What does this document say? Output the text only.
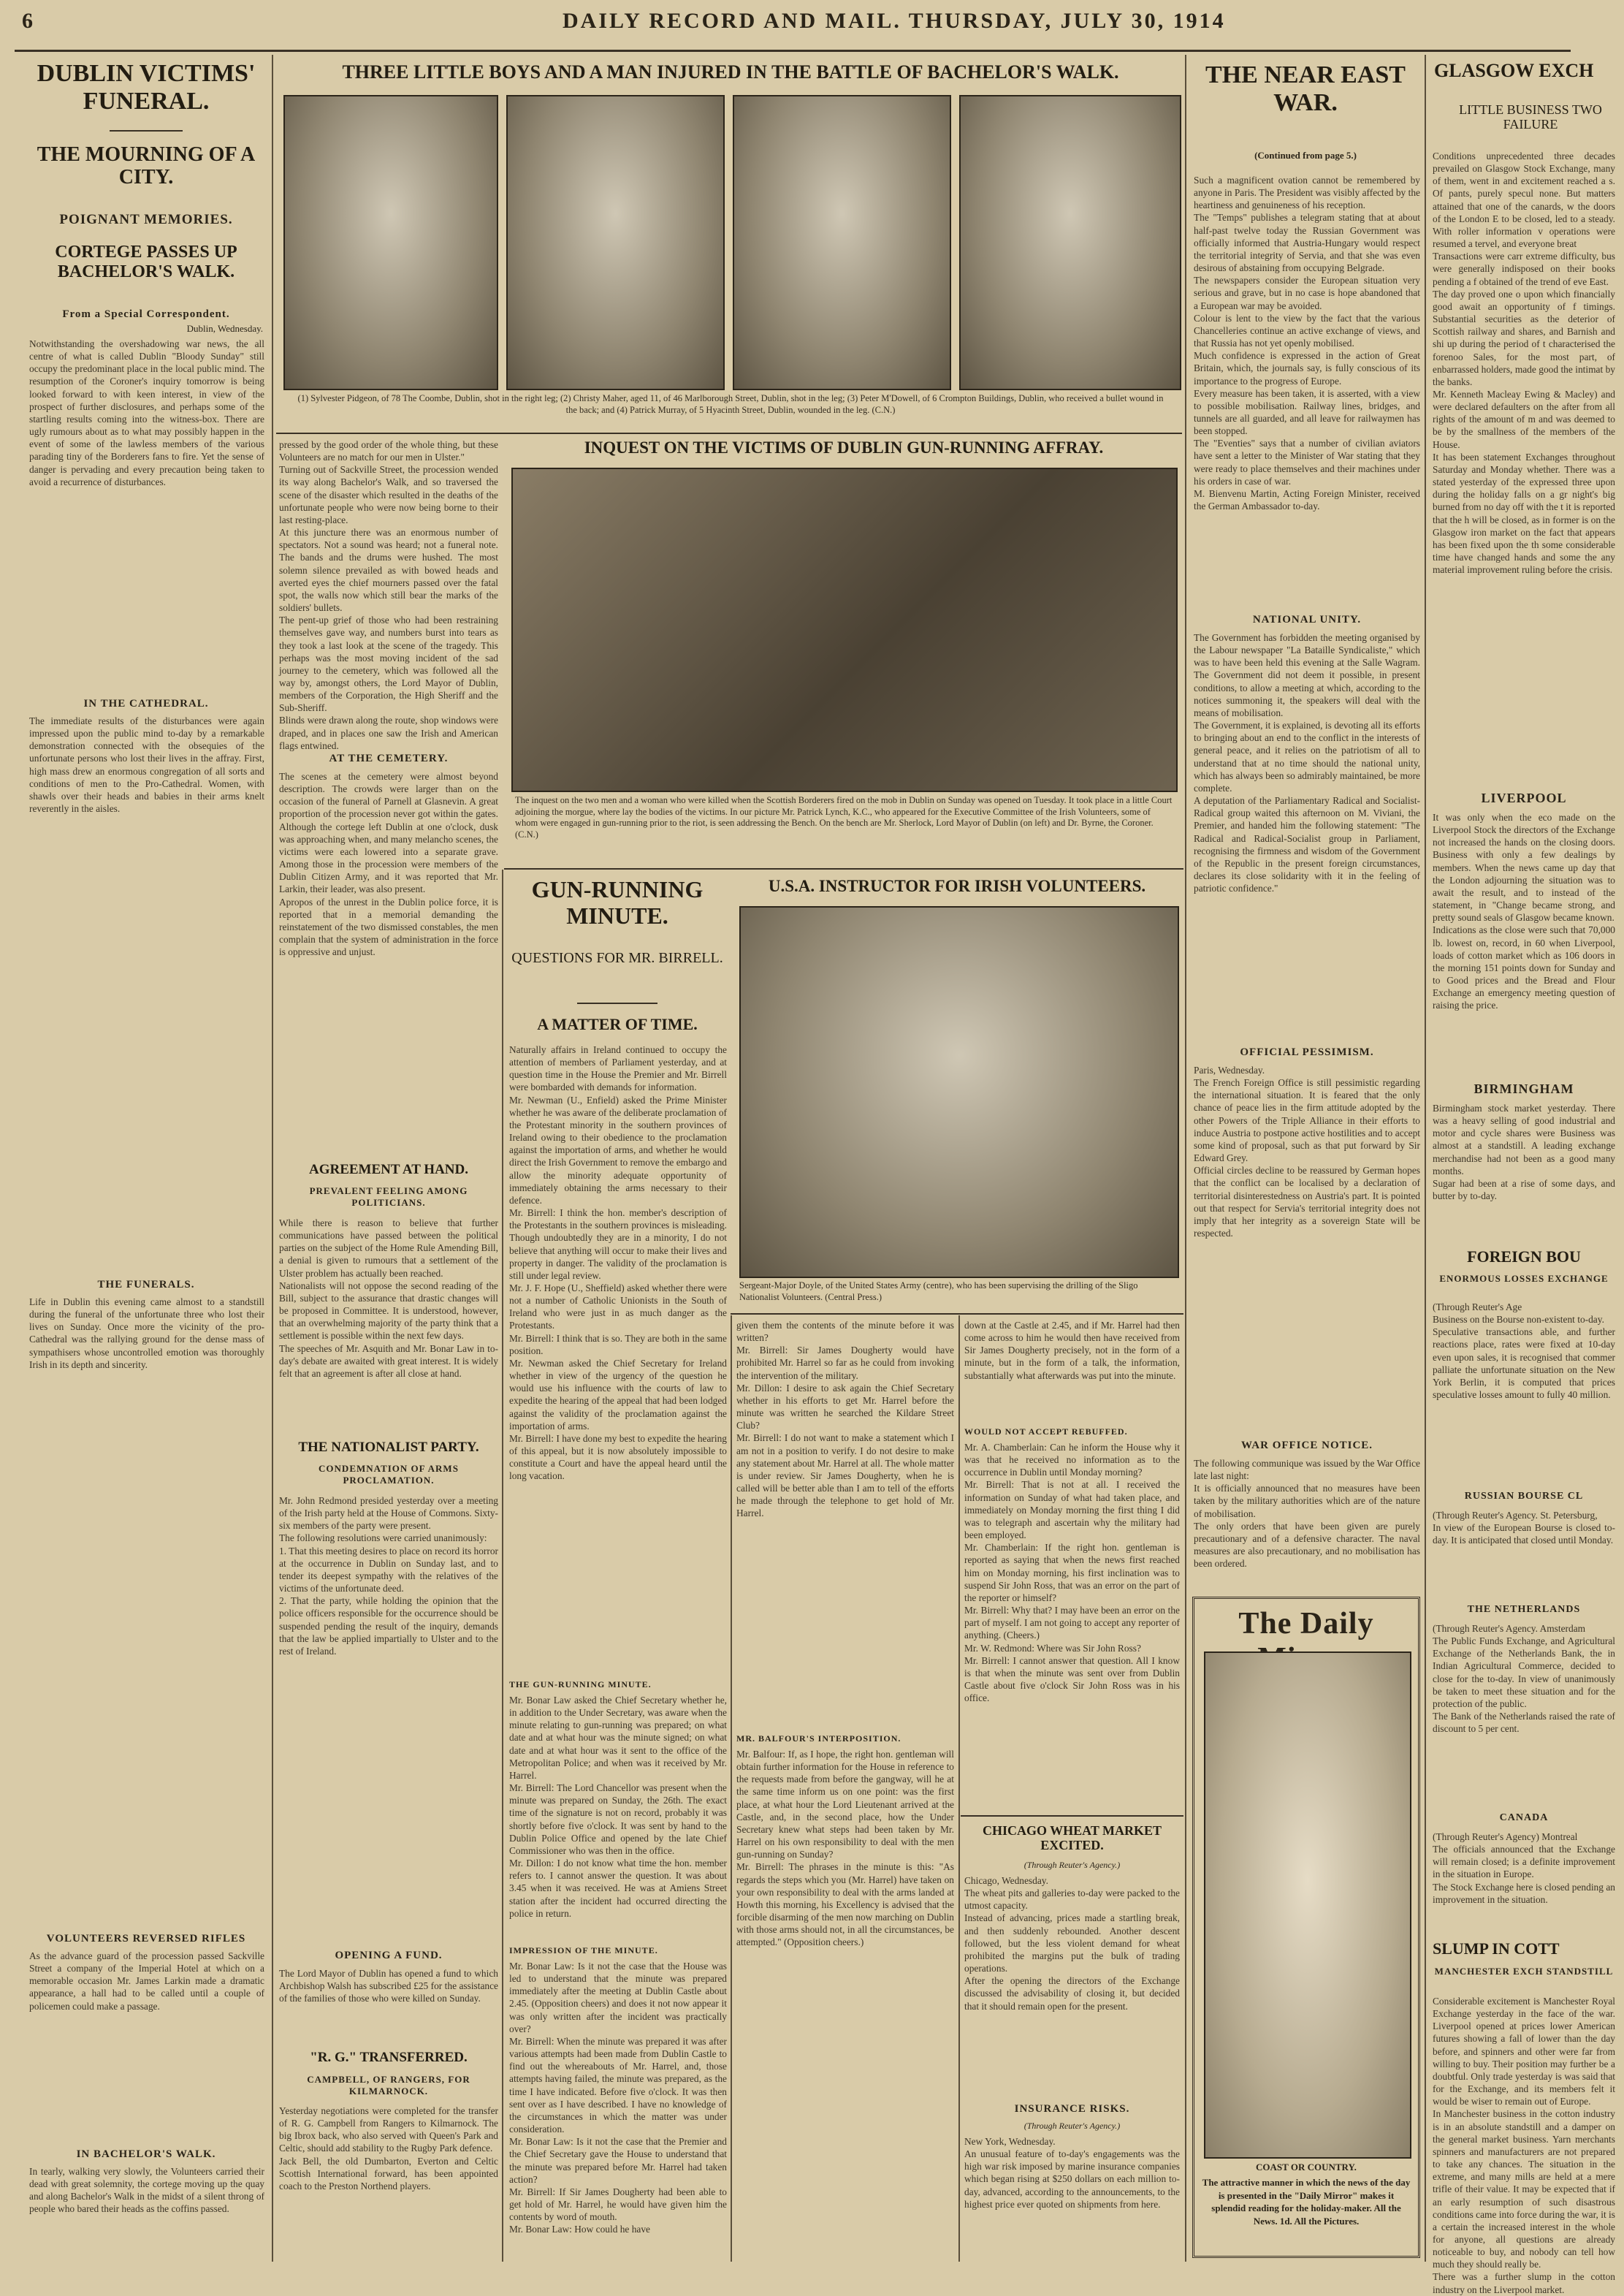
6	DAILY RECORD AND MAIL. THURSDAY, JULY 30, 1914
DUBLIN VICTIMS' FUNERAL.
THE MOURNING OF A CITY.
POIGNANT MEMORIES.
CORTEGE PASSES UP BACHELOR'S WALK.
From a Special Correspondent.
Dublin, Wednesday.
Notwithstanding the overshadowing war news, the all centre of what is called Dublin "Bloody Sunday" still occupy the predominant place in the local public mind. The resumption of the Coroner's inquiry tomorrow is being looked forward to with keen interest, in view of the prospect of further disclosures, and perhaps some of the startling results coming into the witness-box. There are ugly rumours about as to what may possibly happen in the event of some of the lawless members of the various parading tiny of the Borderers fans to fire. Yet the sense of danger is pervading and every precaution being taken to avoid a recurrence of disturbances.
IN THE CATHEDRAL.
The immediate results of the disturbances were again impressed upon the public mind to-day by a remarkable demonstration connected with the obsequies of the unfortunate persons who lost their lives in the affray. First, high mass drew an enormous congregation of all sorts and conditions of men to the Pro-Cathedral. Women, with shawls over their heads and babies in their arms knelt reverently in the aisles.
THE FUNERALS.
Life in Dublin this evening came almost to a standstill during the funeral of the unfortunate three who lost their lives on Sunday. Once more the vicinity of the pro-Cathedral was the rallying ground for the dense mass of sympathisers whose uncontrolled emotion was thoroughly Irish in its depth and sincerity.
VOLUNTEERS REVERSED RIFLES
As the advance guard of the procession passed Sackville Street a company of the Imperial Hotel at which on a memorable occasion Mr. James Larkin made a dramatic appearance, a hall had to be called until a couple of policemen could make a passage.
IN BACHELOR'S WALK.
In tearly, walking very slowly, the Volunteers carried their dead with great solemnity, the cortege moving up the quay and along Bachelor's Walk in the midst of a silent throng of people who bared their heads as the coffins passed.
THREE LITTLE BOYS AND A MAN INJURED IN THE BATTLE OF BACHELOR'S WALK.
(1) Sylvester Pidgeon, of 78 The Coombe, Dublin, shot in the right leg; (2) Christy Maher, aged 11, of 46 Marlborough Street, Dublin, shot in the leg; (3) Peter M'Dowell, of 6 Crompton Buildings, Dublin, who received a bullet wound in the back; and (4) Patrick Murray, of 5 Hyacinth Street, Dublin, wounded in the leg. (C.N.)
pressed by the good order of the whole thing, but these Volunteers are no match for our men in Ulster."
Turning out of Sackville Street, the procession wended its way along Bachelor's Walk, and so traversed the scene of the disaster which resulted in the deaths of the unfortunate people who were now being borne to their last resting-place.
At this juncture there was an enormous number of spectators. Not a sound was heard; not a funeral note. The bands and the drums were hushed. The most solemn silence prevailed as with bowed heads and averted eyes the chief mourners passed over the fatal spot, the walls now which still bear the marks of the soldiers' bullets.
The pent-up grief of those who had been restraining themselves gave way, and numbers burst into tears as they took a last look at the scene of the tragedy. This perhaps was the most moving incident of the sad journey to the cemetery, which was followed all the way by, amongst others, the Lord Mayor of Dublin, members of the Corporation, the High Sheriff and the Sub-Sheriff.
Blinds were drawn along the route, shop windows were draped, and in places one saw the Irish and American flags entwined.
AT THE CEMETERY.
The scenes at the cemetery were almost beyond description. The crowds were larger than on the occasion of the funeral of Parnell at Glasnevin. A great proportion of the procession never got within the gates. Although the cortege left Dublin at one o'clock, dusk was approaching when, and many melancho scenes, the victims were each lowered into a separate grave. Among those in the procession were members of the Dublin Citizen Army, and it was reported that Mr. Larkin, their leader, was also present.
Apropos of the unrest in the Dublin police force, it is reported that in a memorial demanding the reinstatement of the two dismissed constables, the men complain that the system of administration in the force is oppressive and unjust.
AGREEMENT AT HAND.
PREVALENT FEELING AMONG POLITICIANS.
While there is reason to believe that further communications have passed between the political parties on the subject of the Home Rule Amending Bill, a denial is given to rumours that a settlement of the Ulster problem has actually been reached.
Nationalists will not oppose the second reading of the Bill, subject to the assurance that drastic changes will be proposed in Committee. It is understood, however, that an overwhelming majority of the party think that a settlement is possible within the next few days.
The speeches of Mr. Asquith and Mr. Bonar Law in to-day's debate are awaited with great interest. It is widely felt that an agreement is after all close at hand.
THE NATIONALIST PARTY.
CONDEMNATION OF ARMS PROCLAMATION.
Mr. John Redmond presided yesterday over a meeting of the Irish party held at the House of Commons. Sixty-six members of the party were present.
The following resolutions were carried unanimously:
1. That this meeting desires to place on record its horror at the occurrence in Dublin on Sunday last, and to tender its deepest sympathy with the relatives of the victims of the unfortunate deed.
2. That the party, while holding the opinion that the police officers responsible for the occurrence should be suspended pending the result of the inquiry, demands that the law be applied impartially to Ulster and to the rest of Ireland.
OPENING A FUND.
The Lord Mayor of Dublin has opened a fund to which Archbishop Walsh has subscribed £25 for the assistance of the families of those who were killed on Sunday.
"R. G." TRANSFERRED.
CAMPBELL, OF RANGERS, FOR KILMARNOCK.
Yesterday negotiations were completed for the transfer of R. G. Campbell from Rangers to Kilmarnock. The big Ibrox back, who also served with Queen's Park and Celtic, should add stability to the Rugby Park defence.
Jack Bell, the old Dumbarton, Everton and Celtic Scottish International forward, has been appointed coach to the Preston Northend players.
INQUEST ON THE VICTIMS OF DUBLIN GUN-RUNNING AFFRAY.
The inquest on the two men and a woman who were killed when the Scottish Borderers fired on the mob in Dublin on Sunday was opened on Tuesday. It took place in a little Court adjoining the morgue, where lay the bodies of the victims. In our picture Mr. Patrick Lynch, K.C., who appeared for the Executive Committee of the Irish Volunteers, some of whom were engaged in gun-running prior to the riot, is seen addressing the Bench. On the bench are Mr. Sherlock, Lord Mayor of Dublin (on left) and Dr. Byrne, the Coroner. (C.N.)
GUN-RUNNING MINUTE.
QUESTIONS FOR MR. BIRRELL.
A MATTER OF TIME.
Naturally affairs in Ireland continued to occupy the attention of members of Parliament yesterday, and at question time in the House the Premier and Mr. Birrell were bombarded with demands for information.
Mr. Newman (U., Enfield) asked the Prime Minister whether he was aware of the deliberate proclamation of the Protestant minority in the southern provinces of Ireland owing to their obedience to the proclamation against the importation of arms, and whether he would direct the Irish Government to remove the embargo and allow the minority adequate opportunity of immediately obtaining the arms necessary to their defence.
Mr. Birrell: I think the hon. member's description of the Protestants in the southern provinces is misleading. Though undoubtedly they are in a minority, I do not believe that anything will occur to make their lives and property in danger. The validity of the proclamation is still under legal review.
Mr. J. F. Hope (U., Sheffield) asked whether there were not a number of Catholic Unionists in the South of Ireland who were just in as much danger as the Protestants.
Mr. Birrell: I think that is so. They are both in the same position.
Mr. Newman asked the Chief Secretary for Ireland whether in view of the urgency of the question he would use his influence with the courts of law to expedite the hearing of the appeal that had been lodged against the validity of the proclamation against the importation of arms.
Mr. Birrell: I have done my best to expedite the hearing of this appeal, but it is now absolutely impossible to constitute a Court and have the appeal heard until the long vacation.
THE GUN-RUNNING MINUTE.
Mr. Bonar Law asked the Chief Secretary whether he, in addition to the Under Secretary, was aware when the minute relating to gun-running was prepared; on what date and at what hour was the minute signed; on what date and at what hour was it sent to the office of the Metropolitan Police; and when was it received by Mr. Harrel.
Mr. Birrell: The Lord Chancellor was present when the minute was prepared on Sunday, the 26th. The exact time of the signature is not on record, probably it was shortly before five o'clock. It was sent by hand to the Dublin Police Office and opened by the late Chief Commissioner who was then in the office.
Mr. Dillon: I do not know what time the hon. member refers to. I cannot answer the question. It was about 3.45 when it was received. He was at Amiens Street station after the incident had occurred directing the police in return.
IMPRESSION OF THE MINUTE.
Mr. Bonar Law: Is it not the case that the House was led to understand that the minute was prepared immediately after the meeting at Dublin Castle about 2.45. (Opposition cheers) and does it not now appear it was only written after the incident was practically over?
Mr. Birrell: When the minute was prepared it was after various attempts had been made from Dublin Castle to find out the whereabouts of Mr. Harrel, and, those attempts having failed, the minute was prepared, as the time I have indicated. Before five o'clock. It was then sent over as I have described. I have no knowledge of the circumstances in which the matter was under consideration.
Mr. Bonar Law: Is it not the case that the Premier and the Chief Secretary gave the House to understand that the minute was prepared before Mr. Harrel had taken action?
Mr. Birrell: If Sir James Dougherty had been able to get hold of Mr. Harrel, he would have given him the contents by word of mouth.
Mr. Bonar Law: How could he have
U.S.A. INSTRUCTOR FOR IRISH VOLUNTEERS.
Sergeant-Major Doyle, of the United States Army (centre), who has been supervising the drilling of the Sligo Nationalist Volunteers. (Central Press.)
given them the contents of the minute before it was written?
Mr. Birrell: Sir James Dougherty would have prohibited Mr. Harrel so far as he could from invoking the intervention of the military.
Mr. Dillon: I desire to ask again the Chief Secretary whether in his efforts to get Mr. Harrel before the minute was written he searched the Kildare Street Club?
Mr. Birrell: I do not want to make a statement which I am not in a position to verify. I do not desire to make any statement about Mr. Harrel at all. The whole matter is under review. Sir James Dougherty, when he is called will be better able than I am to tell of the efforts he made through the telephone to get hold of Mr. Harrel.
MR. BALFOUR'S INTERPOSITION.
Mr. Balfour: If, as I hope, the right hon. gentleman will obtain further information for the House in reference to the requests made from before the gangway, will he at the same time inform us on one point: was the first place, at what hour the Lord Lieutenant arrived at the Castle, and, in the second place, how the Under Secretary knew what steps had been taken by Mr. Harrel on his own responsibility to deal with the men gun-running on Sunday?
Mr. Birrell: The phrases in the minute is this: "As regards the steps which you (Mr. Harrel) have taken on your own responsibility to deal with the arms landed at Howth this morning, his Excellency is advised that the forcible disarming of the men now marching on Dublin with those arms should not, in all the circumstances, be attempted." (Opposition cheers.)
down at the Castle at 2.45, and if Mr. Harrel had then come across to him he would then have received from Sir James Dougherty precisely, not in the form of a minute, but in the form of a talk, the information, substantially what afterwards was put into the minute.
WOULD NOT ACCEPT REBUFFED.
Mr. A. Chamberlain: Can he inform the House why it was that he received no information as to the occurrence in Dublin until Monday morning?
Mr. Birrell: That is not at all. I received the information on Sunday of what had taken place, and immediately on Monday morning the first thing I did was to telegraph and ascertain why the military had been employed.
Mr. Chamberlain: If the right hon. gentleman is reported as saying that when the news first reached him on Monday morning, his first inclination was to suspend Sir John Ross, that was an error on the part of the reporter or himself?
Mr. Birrell: Why that? I may have been an error on the part of myself. I am not going to accept any reporter of anything. (Cheers.)
Mr. W. Redmond: Where was Sir John Ross?
Mr. Birrell: I cannot answer that question. All I know is that when the minute was sent over from Dublin Castle about five o'clock Sir John Ross was in his office.
CHICAGO WHEAT MARKET EXCITED.
(Through Reuter's Agency.)
Chicago, Wednesday.
The wheat pits and galleries to-day were packed to the utmost capacity.
Instead of advancing, prices made a startling break, and then suddenly rebounded. Another descent followed, but the less violent demand for wheat prohibited the margins put the bulk of trading operations.
After the opening the directors of the Exchange discussed the advisability of closing it, but decided that it should remain open for the present.
INSURANCE RISKS.
(Through Reuter's Agency.)
New York, Wednesday.
An unusual feature of to-day's engagements was the high war risk imposed by marine insurance companies which began rising at $250 dollars on each million to-day, advanced, according to the announcements, to the highest price ever quoted on shipments from here.
THE NEAR EAST WAR.
(Continued from page 5.)
Such a magnificent ovation cannot be remembered by anyone in Paris. The President was visibly affected by the heartiness and genuineness of his reception.
The "Temps" publishes a telegram stating that at about half-past twelve today the Russian Government was officially informed that Austria-Hungary would respect the territorial integrity of Servia, and that she was even desirous of abstaining from occupying Belgrade.
The newspapers consider the European situation very serious and grave, but in no case is hope abandoned that a European war may be avoided.
Colour is lent to the view by the fact that the various Chancelleries continue an active exchange of views, and that Russia has not yet openly mobilised.
Much confidence is expressed in the action of Great Britain, which, the journals say, is fully conscious of its importance to the progress of Europe.
Every measure has been taken, it is asserted, with a view to possible mobilisation. Railway lines, bridges, and tunnels are all guarded, and all leave for railwaymen has been stopped.
The "Eventies" says that a number of civilian aviators have sent a letter to the Minister of War stating that they were ready to place themselves and their machines under his orders in case of war.
M. Bienvenu Martin, Acting Foreign Minister, received the German Ambassador to-day.
NATIONAL UNITY.
The Government has forbidden the meeting organised by the Labour newspaper "La Bataille Syndicaliste," which was to have been held this evening at the Salle Wagram. The Government did not deem it possible, in present conditions, to allow a meeting at which, according to the notices summoning it, the speakers will deal with the means of mobilisation.
The Government, it is explained, is devoting all its efforts to bringing about an end to the conflict in the interests of general peace, and it relies on the patriotism of all to understand that at no time should the national unity, which has always been so admirably maintained, be more complete.
A deputation of the Parliamentary Radical and Socialist-Radical group waited this afternoon on M. Viviani, the Premier, and handed him the following statement: "The Radical and Radical-Socialist group in Parliament, recognising the firmness and wisdom of the Government of the Republic in the present foreign circumstances, declares its close solidarity with it in the feeling of patriotic confidence."
OFFICIAL PESSIMISM.
Paris, Wednesday.
The French Foreign Office is still pessimistic regarding the international situation. It is feared that the only chance of peace lies in the firm attitude adopted by the other Powers of the Triple Alliance in their efforts to induce Austria to postpone active hostilities and to accept some kind of proposal, such as that put forward by Sir Edward Grey.
Official circles decline to be reassured by German hopes that the conflict can be localised by a declaration of territorial disinterestedness on Austria's part. It is pointed out that respect for Servia's territorial integrity does not imply that her integrity as a sovereign State will be respected.
WAR OFFICE NOTICE.
The following communique was issued by the War Office late last night:
It is officially announced that no measures have been taken by the military authorities which are of the nature of mobilisation.
The only orders that have been given are purely precautionary and of a defensive character. The naval measures are also precautionary, and no mobilisation has been ordered.
The Daily
COAST OR COUNTRY.
The attractive manner in which the news of the day is presented in the "Daily Mirror" makes it splendid reading for the holiday-maker. All the News. 1d. All the Pictures.
GLASGOW EXCH
LITTLE BUSINESS TWO FAILURE
Conditions unprecedented three decades prevailed on Glasgow Stock Exchange, many of them, went in and excitement reached a s. Of pants, purely specul none. But matters attained that one of the canards, w the doors of the London E to be closed, led to a steady. With roller information v operations were resumed a tervel, and everyone breat
Transactions were carr extreme difficulty, bus were generally indisposed on their books pending a f obtained of the trend of eve East.
The day proved one o upon which financially good await an opportunity of f timings. Substantial securities as the deterior of Scottish railway and shares, and Barnish and shi up during the period of t characterised the forenoo Sales, for the most part, of enbarrassed holders, made good the intimat by the banks.
Mr. Kenneth Macleay Ewing & Macley) and were declared defaulters on the after from all rights of the amount of m and was deemed to be by the smallness of the members of the House.
It has been statement Exchanges throughout Saturday and Monday whether. There was a stated yesterday of the expressed three upon during the holiday falls on a gr night's big burned from no day off with the t it is reported that the h will be closed, as in former is on the Glasgow iron market on the fact that appears has been fixed upon the th some considerable time have changed hands and some the any material improvement ruling before the crisis.
LIVERPOOL
It was only when the eco made on the Liverpool Stock the directors of the Exchange not increased the hands on the closing doors. Business with only a few dealings by members. When the news came up day that the London adjourning the situation was to await the result, and to instead of the statement, in "Change became strong, and pretty sound seals of Glasgow became known.
Indications as the close were such that 70,000 lb. lowest on, record, in 60 when Liverpool, loads of cotton market which as 106 doors in the morning 151 points down for Sunday and to Good prices and the Bread and Flour Exchange an emergency meeting question of raising the price.
BIRMINGHAM
Birmingham stock market yesterday. There was a heavy selling of good industrial and motor and cycle shares were Business was almost at a standstill. A leading exchange merchandise had not been as a good many months.
Sugar had been at a rise of some days, and butter by to-day.
FOREIGN BOU
ENORMOUS LOSSES EXCHANGE
(Through Reuter's Age
Business on the Bourse non-existent to-day.
Speculative transactions able, and further reactions place, rates were fixed at 10-day even upon sales, it is recognised that commer palliate the unfortunate situation on the New York Berlin, it is computed that prices speculative losses amount to fully 40 million.
RUSSIAN BOURSE CL
(Through Reuter's Agency. St. Petersburg,
In view of the European Bourse is closed to-day. It is anticipated that closed until Monday.
THE NETHERLANDS
(Through Reuter's Agency. Amsterdam
The Public Funds Exchange, and Agricultural Exchange of the Netherlands Bank, the in Indian Agricultural Commerce, decided to close for the to-day. In view of unanimously be taken to meet these situation and for the protection of the public.
The Bank of the Netherlands raised the rate of discount to 5 per cent.
CANADA
(Through Reuter's Agency) Montreal
The officials announced that the Exchange will remain closed; is a definite improvement in the situation in Europe.
The Stock Exchange here is closed pending an improvement in the situation.
SLUMP IN COTT
MANCHESTER EXCH STANDSTILL
Considerable excitement is Manchester Royal Exchange yesterday in the face of the war. Liverpool opened at prices lower American futures showing a fall of lower than the day before, and spinners and other were far from willing to buy. Their position may further be a doubtful. Only trade yesterday is was said that for the Exchange, and its members felt it would be wiser to remain out of Europe.
In Manchester business in the cotton industry is in an absolute standstill and a damper on the general market business. Yarn merchants spinners and manufacturers are not prepared to take any chances. The situation in the extreme, and many mills are held at a mere trifle of their value. It may be expected that if an early resumption of such disastrous conditions came into force during the war, it is a certain the increased interest in the whole for anyone, all questions are already noticeable to buy, and nobody can tell how much they should really be.
There was a further slump in the cotton industry on the Liverpool market.
